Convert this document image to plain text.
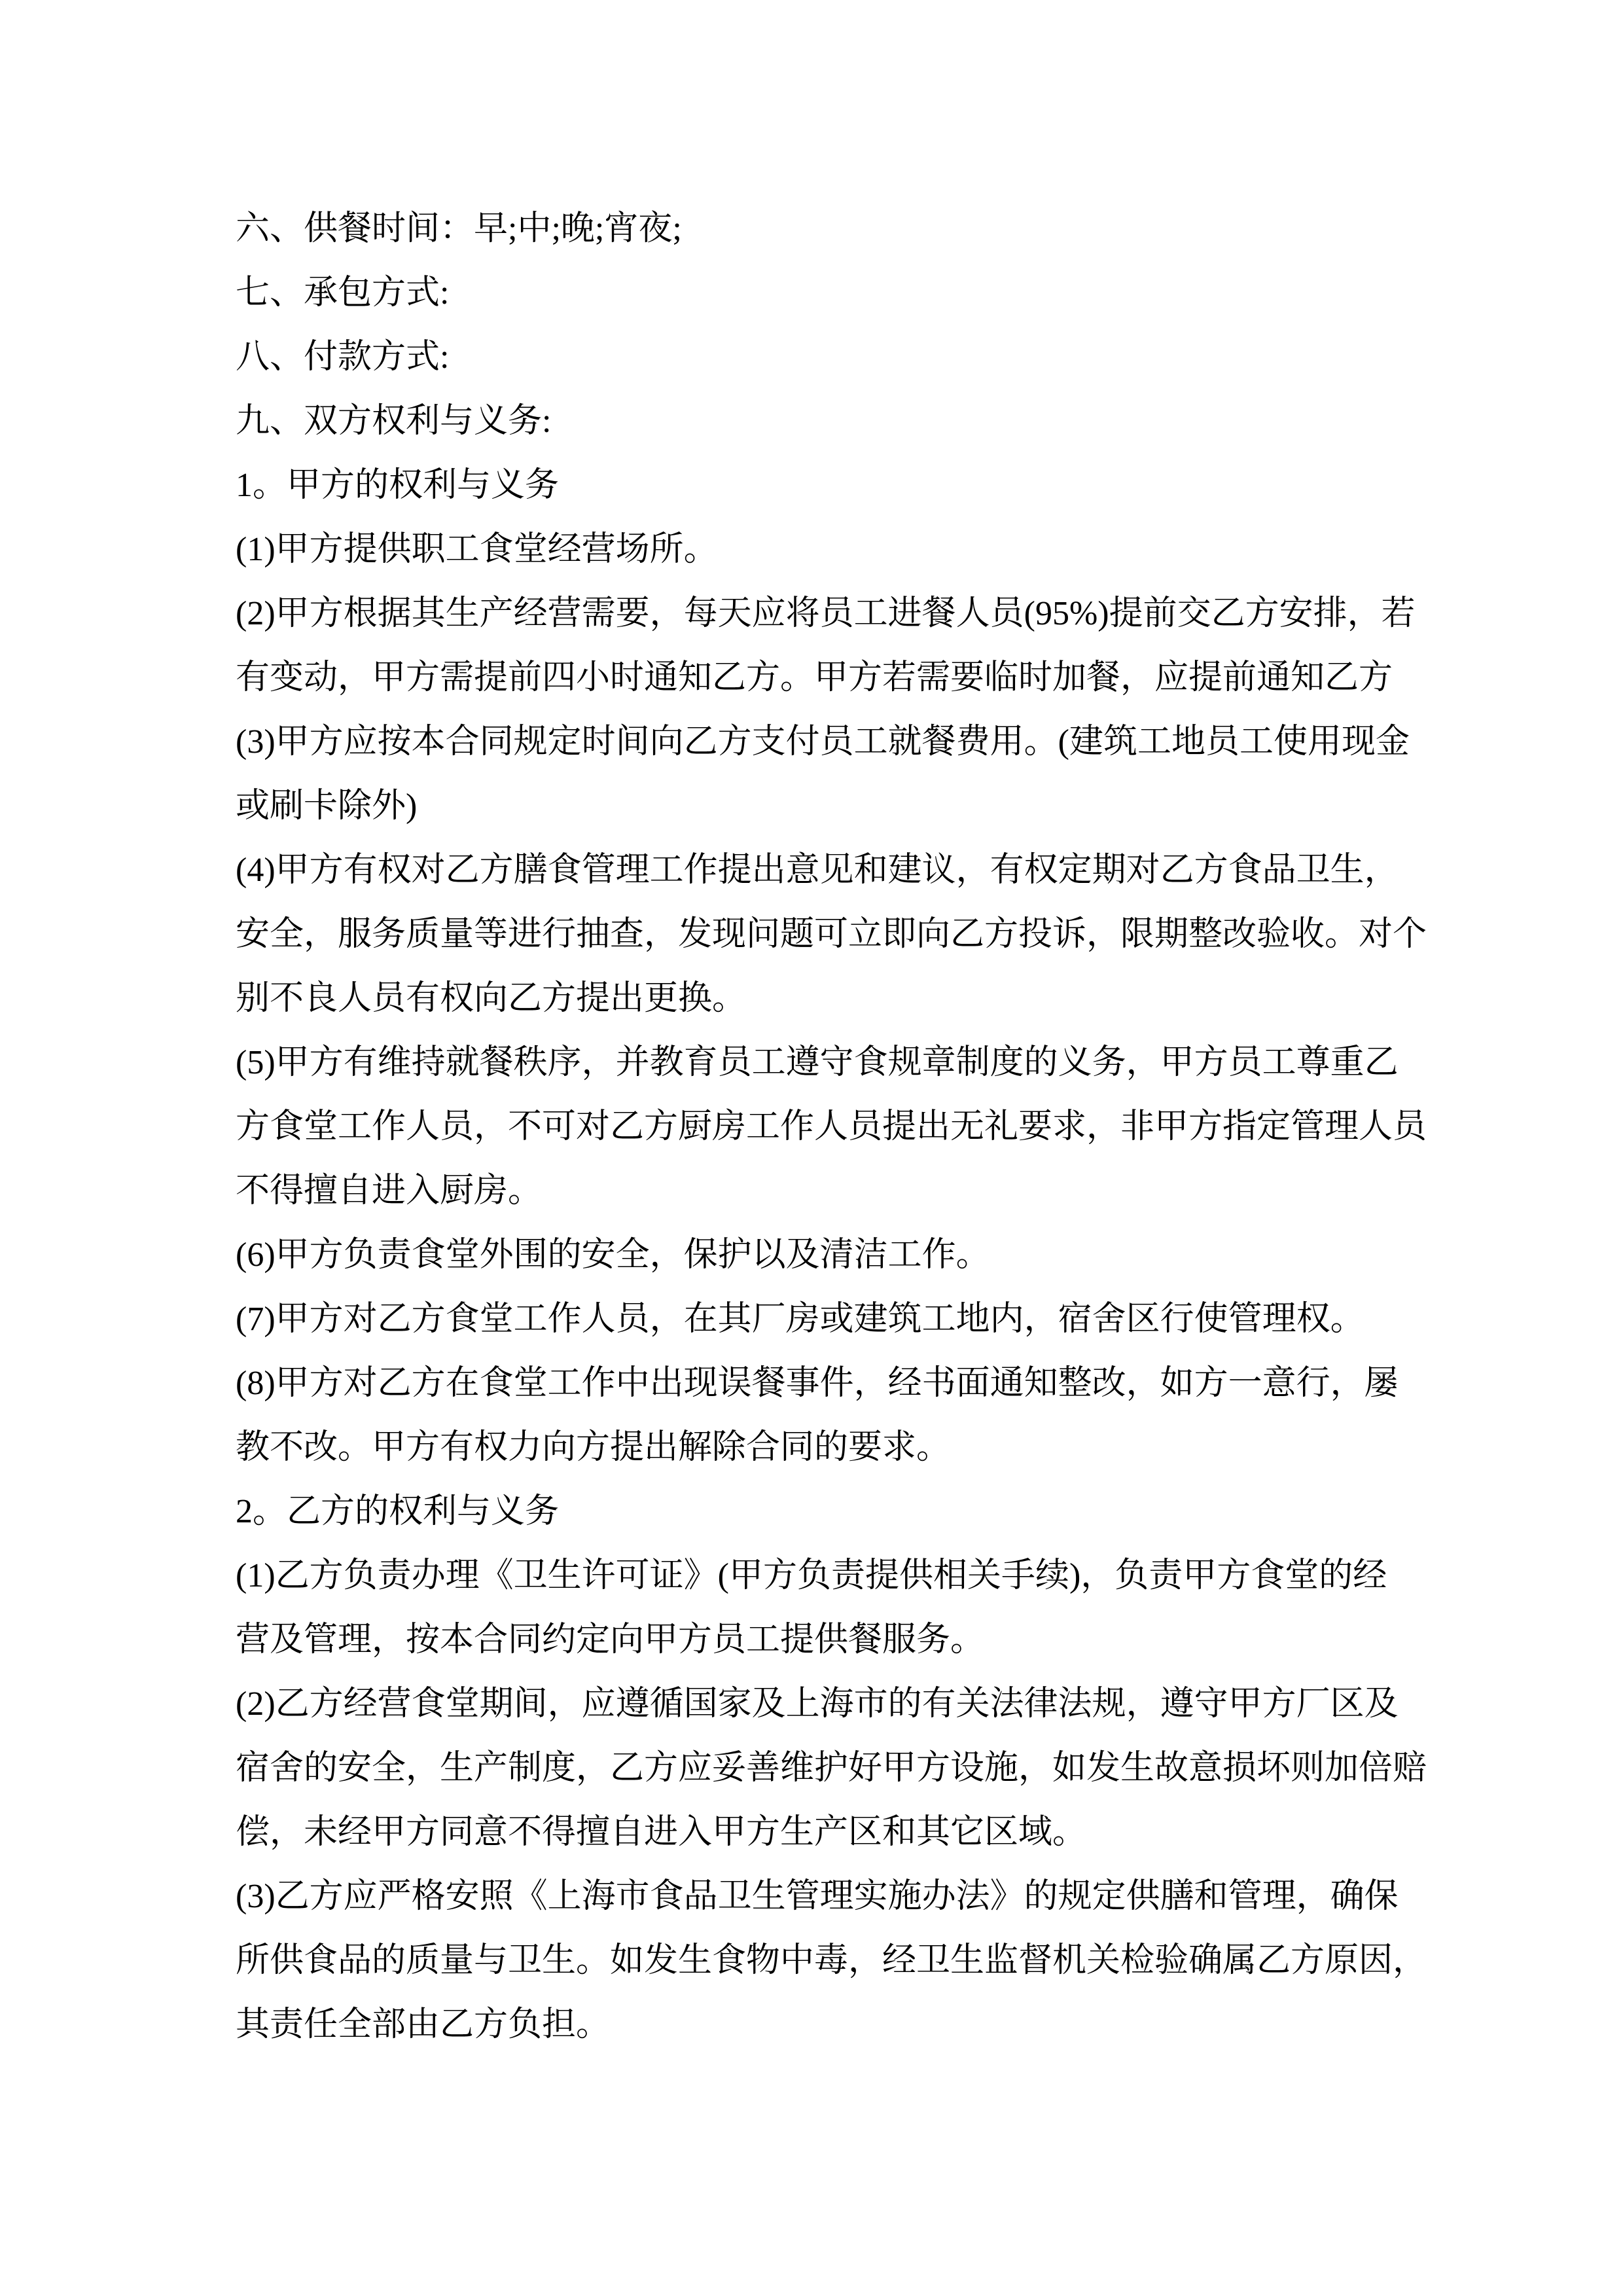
六、供餐时间：早;中;晚;宵夜;
七、承包方式:
八、付款方式:
九、双方权利与义务:
1。甲方的权利与义务
(1)甲方提供职工食堂经营场所。
(2)甲方根据其生产经营需要，每天应将员工进餐人员(95%)提前交乙方安排，若
有变动，甲方需提前四小时通知乙方。甲方若需要临时加餐，应提前通知乙方
(3)甲方应按本合同规定时间向乙方支付员工就餐费用。(建筑工地员工使用现金
或刷卡除外)
(4)甲方有权对乙方膳食管理工作提出意见和建议，有权定期对乙方食品卫生，
安全，服务质量等进行抽查，发现问题可立即向乙方投诉，限期整改验收。对个
别不良人员有权向乙方提出更换。
(5)甲方有维持就餐秩序，并教育员工遵守食规章制度的义务，甲方员工尊重乙
方食堂工作人员，不可对乙方厨房工作人员提出无礼要求，非甲方指定管理人员
不得擅自进入厨房。
(6)甲方负责食堂外围的安全，保护以及清洁工作。
(7)甲方对乙方食堂工作人员，在其厂房或建筑工地内，宿舍区行使管理权。
(8)甲方对乙方在食堂工作中出现误餐事件，经书面通知整改，如方一意行，屡
教不改。甲方有权力向方提出解除合同的要求。
2。乙方的权利与义务
(1)乙方负责办理《卫生许可证》(甲方负责提供相关手续)，负责甲方食堂的经
营及管理，按本合同约定向甲方员工提供餐服务。
(2)乙方经营食堂期间，应遵循国家及上海市的有关法律法规，遵守甲方厂区及
宿舍的安全，生产制度，乙方应妥善维护好甲方设施，如发生故意损坏则加倍赔
偿，未经甲方同意不得擅自进入甲方生产区和其它区域。
(3)乙方应严格安照《上海市食品卫生管理实施办法》的规定供膳和管理，确保
所供食品的质量与卫生。如发生食物中毒，经卫生监督机关检验确属乙方原因，
其责任全部由乙方负担。
